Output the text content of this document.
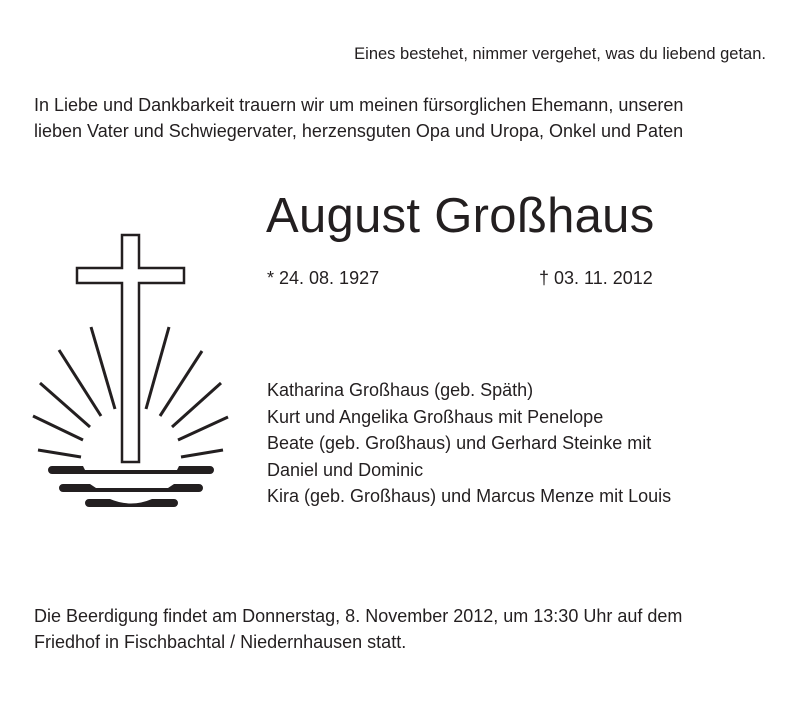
Eines bestehet, nimmer vergehet, was du liebend getan.

In Liebe und Dankbarkeit trauern wir um meinen fürsorglichen Ehemann, unseren
lieben Vater und Schwiegervater, herzensguten Opa und Uropa, Onkel und Paten
August Großhaus

* 24. 08. 1927	† 03. 11. 2012

Katharina Großhaus (geb. Späth)
Kurt und Angelika Großhaus mit Penelope
Beate (geb. Großhaus) und Gerhard Steinke mit
Daniel und Dominic
Kira (geb. Großhaus) und Marcus Menze mit Louis
Die Beerdigung findet am Donnerstag, 8. November 2012, um 13:30 Uhr auf dem
Friedhof in Fischbachtal / Niedernhausen statt.
